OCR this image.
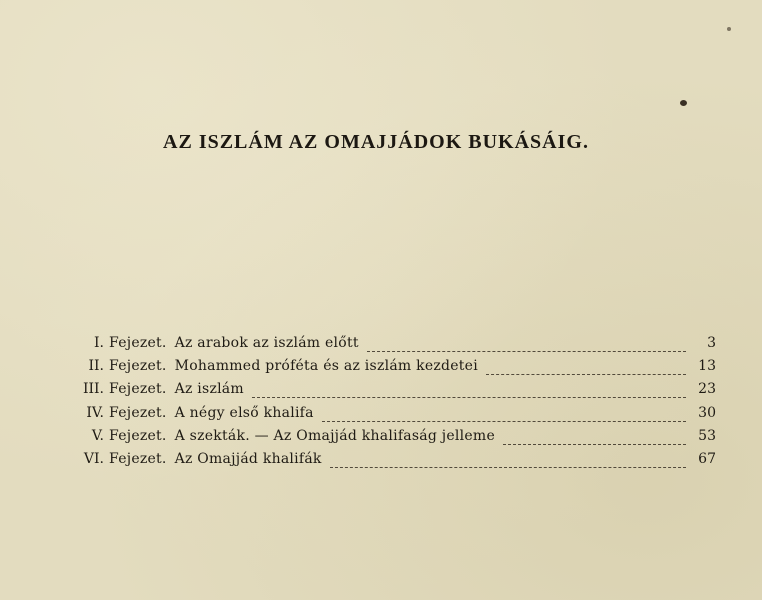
AZ ISZLÁM AZ OMAJJÁDOK BUKÁSÁIG.
I. Fejezet. Az arabok az iszlám előtt	3
II. Fejezet. Mohammed próféta és az iszlám kezdetei	13
III. Fejezet. Az iszlám	23
IV. Fejezet. A négy első khalifa	30
V. Fejezet. A szekták. — Az Omajjád khalifaság jelleme	53
VI. Fejezet. Az Omajjád khalifák	67
